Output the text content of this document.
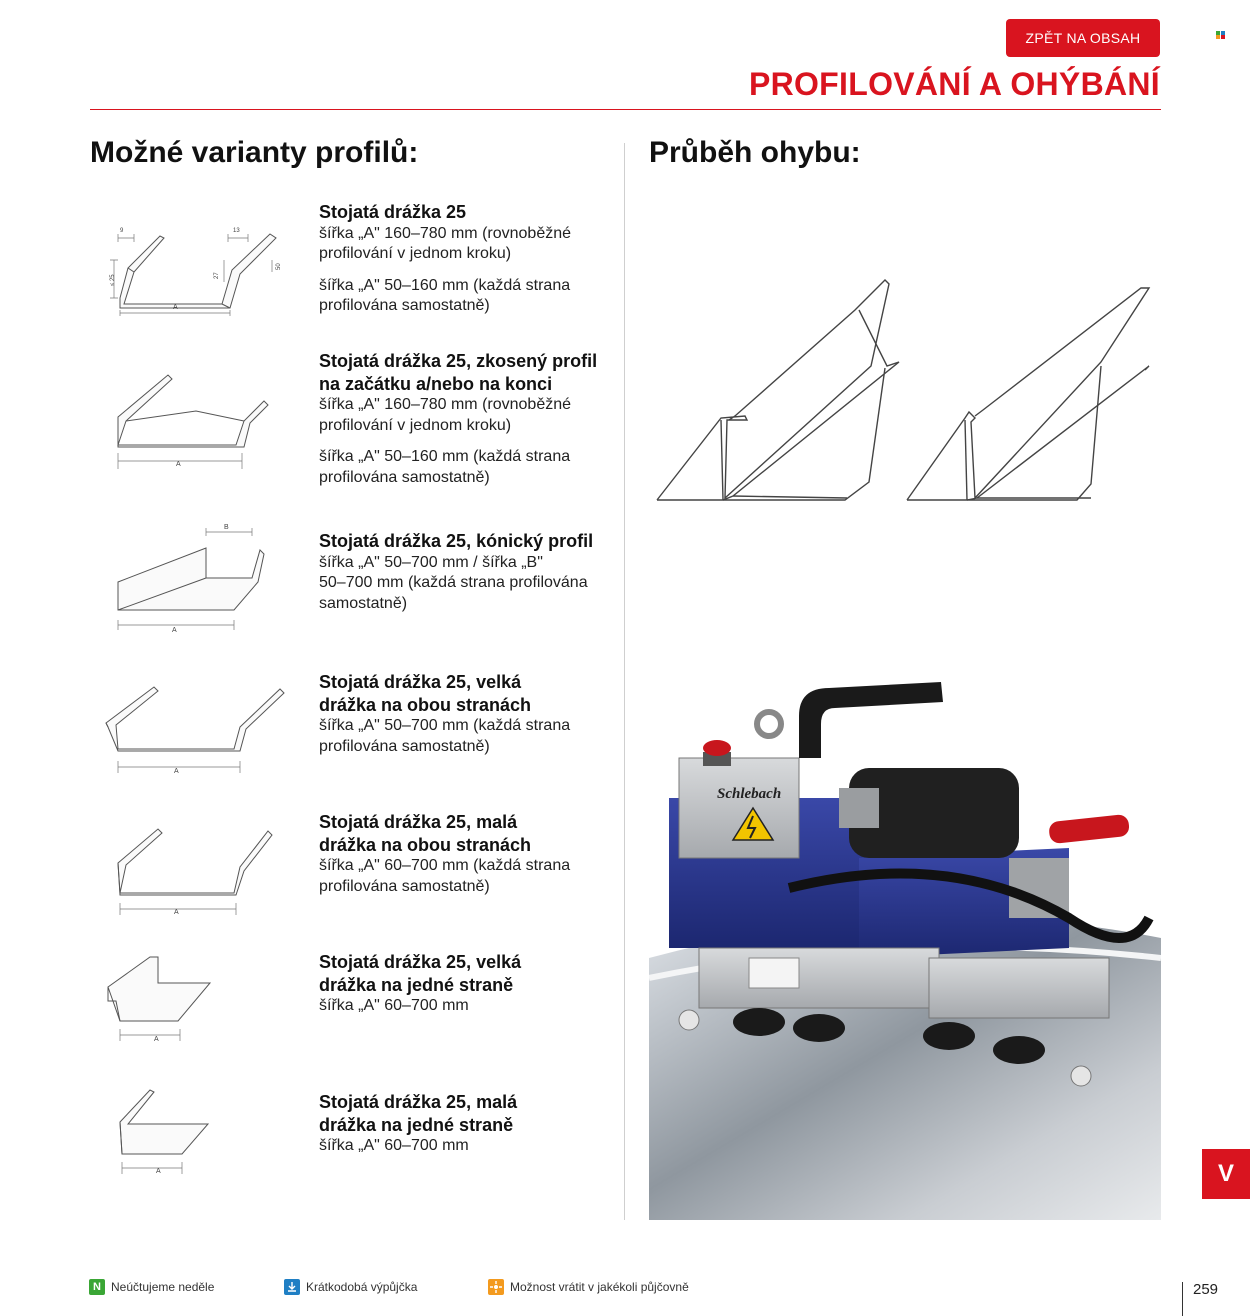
ZPĚT NA OBSAH
PROFILOVÁNÍ A OHÝBÁNÍ
Možné varianty profilů:	Průběh ohybu:
A
9	13
27
≤ 25
50

Stojatá drážka 25

šířka „A" 160–780 mm (rovnoběžné

profilování v jednom kroku)

šířka „A" 50–160 mm (každá strana

profilována samostatně)

A

Stojatá drážka 25, zkosený profil

na začátku a/nebo na konci

šířka „A" 160–780 mm (rovnoběžné

profilování v jednom kroku)

šířka „A" 50–160 mm (každá strana

profilována samostatně)

B
A

Stojatá drážka 25, kónický profil

šířka „A" 50–700 mm / šířka „B"

50–700 mm (každá strana profilována

samostatně)

A

Stojatá drážka 25, velká

drážka na obou stranách

šířka „A" 50–700 mm (každá strana

profilována samostatně)

A

Stojatá drážka 25, malá

drážka na obou stranách

šířka „A" 60–700 mm (každá strana

profilována samostatně)

A

Stojatá drážka 25, velká

drážka na jedné straně

šířka „A" 60–700 mm

A

Stojatá drážka 25, malá

drážka na jedné straně

šířka „A" 60–700 mm

Schlebach
V
N Neúčtujeme neděle	Krátkodobá výpůjčka	Možnost vrátit v jakékoli půjčovně	259
